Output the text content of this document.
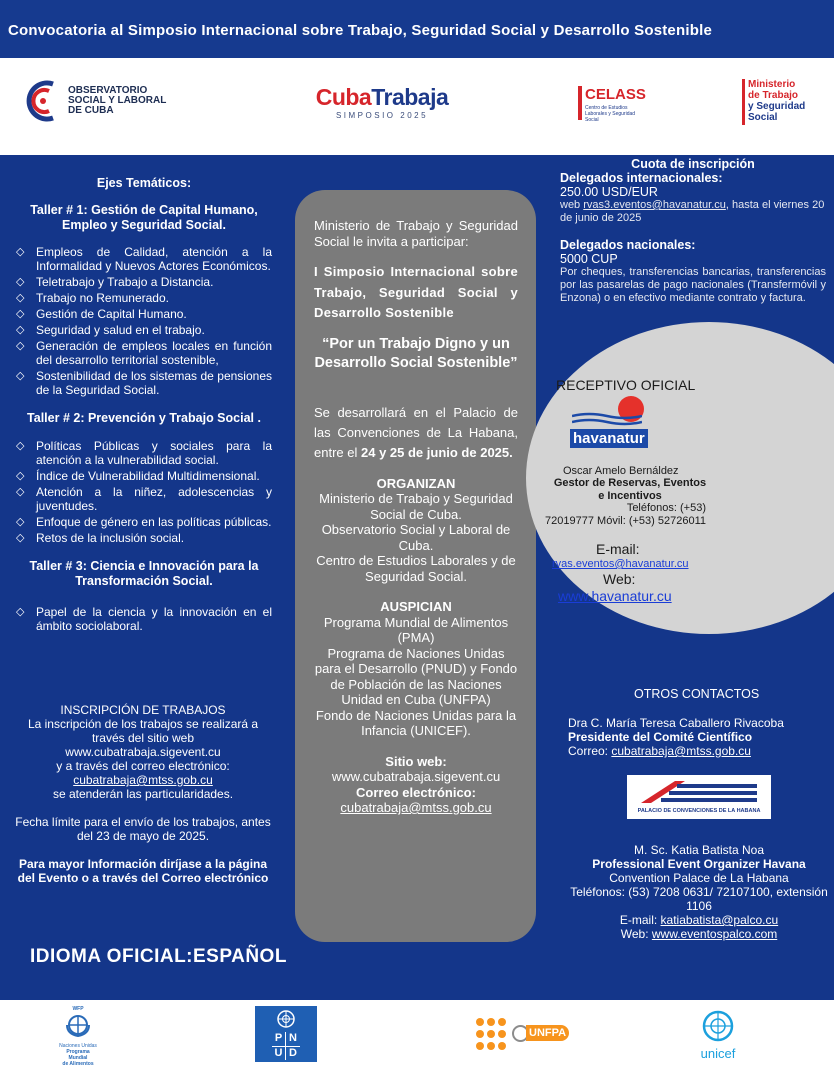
Convocatoria al Simposio Internacional sobre Trabajo, Seguridad Social y Desarrollo Sostenible
OBSERVATORIO
SOCIAL Y LABORAL
DE CUBA
CubaTrabaja
SIMPOSIO 2025
CELASS
Centro de Estudios Laborales y Seguridad Social
Ministerio
de Trabajo
y Seguridad
Social
Ejes Temáticos:
Taller # 1: Gestión de Capital Humano, Empleo y Seguridad Social.
◇ Empleos de Calidad, atención a la Informalidad y Nuevos Actores Económicos.
◇ Teletrabajo y Trabajo a Distancia.
◇ Trabajo no Remunerado.
◇ Gestión de Capital Humano.
◇ Seguridad y salud en el trabajo.
◇ Generación de empleos locales en función del desarrollo territorial sostenible,
◇ Sostenibilidad de los sistemas de pensiones de la Seguridad Social.
Taller # 2: Prevención y Trabajo Social .
◇ Políticas Públicas y sociales para la atención a la vulnerabilidad social.
◇ Índice de Vulnerabilidad Multidimensional.
◇ Atención a la niñez, adolescencias y juventudes.
◇ Enfoque de género en las políticas públicas.
◇ Retos de la inclusión social.
Taller # 3: Ciencia e Innovación para la Transformación Social.
◇ Papel de la ciencia y la innovación en el ámbito sociolaboral.
INSCRIPCIÓN DE TRABAJOS
La inscripción de los trabajos se realizará a través del sitio web
www.cubatrabaja.sigevent.cu
y a través del correo electrónico:
cubatrabaja@mtss.gob.cu
se atenderán las particularidades.
Fecha límite para el envío de los trabajos, antes del 23 de mayo de 2025.
Para mayor Información diríjase a la página del Evento o a través del Correo electrónico
IDIOMA OFICIAL:ESPAÑOL
Ministerio de Trabajo y Seguridad Social le invita a participar:
I Simposio Internacional sobre Trabajo, Seguridad Social y Desarrollo Sostenible
“Por un Trabajo Digno y un Desarrollo Social Sostenible”
Se desarrollará en el Palacio de las Convenciones de La Habana, entre el 24 y 25 de junio de 2025.
ORGANIZAN
Ministerio de Trabajo y Seguridad Social de Cuba.
Observatorio Social y Laboral de Cuba.
Centro de Estudios Laborales y de Seguridad Social.
AUSPICIAN
Programa Mundial de Alimentos (PMA)
Programa de Naciones Unidas para el Desarrollo (PNUD) y Fondo de Población de las Naciones Unidad en Cuba (UNFPA)
Fondo de Naciones Unidas para la Infancia (UNICEF).
Sitio web:
www.cubatrabaja.sigevent.cu
Correo electrónico:
cubatrabaja@mtss.gob.cu
Cuota de inscripción
Delegados internacionales:
250.00 USD/EUR
web rvas3.eventos@havanatur.cu, hasta el viernes 20 de junio de 2025
Delegados nacionales:
5000 CUP
Por cheques, transferencias bancarias, transferencias por las pasarelas de pago nacionales (Transfermóvil y Enzona) o en efectivo mediante contrato y factura.
RECEPTIVO OFICIAL
havanatur
Oscar Amelo Bernáldez
Gestor de Reservas, Eventos e Incentivos
Teléfonos: (+53)
72019777 Móvil: (+53) 52726011
E-mail:
rvas.eventos@havanatur.cu
Web:
www.havanatur.cu
OTROS CONTACTOS
Dra C. María Teresa Caballero Rivacoba
Presidente del Comité Científico
Correo: cubatrabaja@mtss.gob.cu
PALACIO DE CONVENCIONES DE LA HABANA
M. Sc. Katia Batista Noa
Professional Event Organizer Havana Convention Palace de La Habana
Teléfonos: (53) 7208 0631/ 72107100, extensión 1106
E-mail: katiabatista@palco.cu
Web: www.eventospalco.com
WFP
Naciones Unidas
Programa
Mundial
de Alimentos
P N
U D
UNFPA
unicef
